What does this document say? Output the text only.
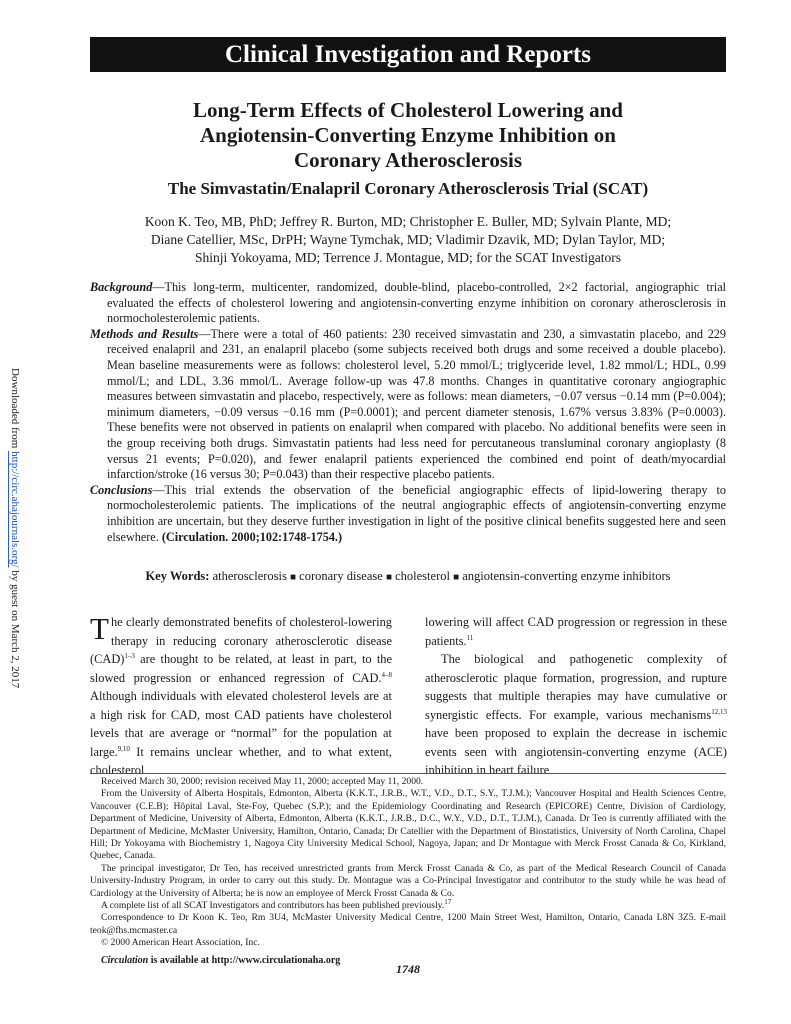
Clinical Investigation and Reports
Downloaded from http://circ.ahajournals.org/ by guest on March 2, 2017
Long-Term Effects of Cholesterol Lowering and
Angiotensin-Converting Enzyme Inhibition on
Coronary Atherosclerosis
The Simvastatin/Enalapril Coronary Atherosclerosis Trial (SCAT)
Koon K. Teo, MB, PhD; Jeffrey R. Burton, MD; Christopher E. Buller, MD; Sylvain Plante, MD;
Diane Catellier, MSc, DrPH; Wayne Tymchak, MD; Vladimir Dzavik, MD; Dylan Taylor, MD;
Shinji Yokoyama, MD; Terrence J. Montague, MD; for the SCAT Investigators

Background—This long-term, multicenter, randomized, double-blind, placebo-controlled, 2×2 factorial, angiographic trial evaluated the effects of cholesterol lowering and angiotensin-converting enzyme inhibition on coronary atherosclerosis in normocholesterolemic patients.

Methods and Results—There were a total of 460 patients: 230 received simvastatin and 230, a simvastatin placebo, and 229 received enalapril and 231, an enalapril placebo (some subjects received both drugs and some received a double placebo). Mean baseline measurements were as follows: cholesterol level, 5.20 mmol/L; triglyceride level, 1.82 mmol/L; HDL, 0.99 mmol/L; and LDL, 3.36 mmol/L. Average follow-up was 47.8 months. Changes in quantitative coronary angiographic measures between simvastatin and placebo, respectively, were as follows: mean diameters, −0.07 versus −0.14 mm (P=0.004); minimum diameters, −0.09 versus −0.16 mm (P=0.0001); and percent diameter stenosis, 1.67% versus 3.83% (P=0.0003). These benefits were not observed in patients on enalapril when compared with placebo. No additional benefits were seen in the group receiving both drugs. Simvastatin patients had less need for percutaneous transluminal coronary angioplasty (8 versus 21 events; P=0.020), and fewer enalapril patients experienced the combined end point of death/myocardial infarction/stroke (16 versus 30; P=0.043) than their respective placebo patients.

Conclusions—This trial extends the observation of the beneficial angiographic effects of lipid-lowering therapy to normocholesterolemic patients. The implications of the neutral angiographic effects of angiotensin-converting enzyme inhibition are uncertain, but they deserve further investigation in light of the positive clinical benefits suggested here and seen elsewhere. (Circulation. 2000;102:1748-1754.)

Key Words: atherosclerosis ■ coronary disease ■ cholesterol ■ angiotensin-converting enzyme inhibitors

The clearly demonstrated benefits of cholesterol-lowering therapy in reducing coronary atherosclerotic disease (CAD)$^{1-3}$ are thought to be related, at least in part, to the slowed progression or enhanced regression of CAD.$^{4-8}$ Although individuals with elevated cholesterol levels are at a high risk for CAD, most CAD patients have cholesterol levels that are average or “normal” for the population at large.$^{9,10}$ It remains unclear whether, and to what extent, cholesterol

lowering will affect CAD progression or regression in these patients.$^{11}$

The biological and pathogenetic complexity of atherosclerotic plaque formation, progression, and rupture suggests that multiple therapies may have cumulative or synergistic effects. For example, various mechanisms$^{12,13}$ have been proposed to explain the decrease in ischemic events seen with angiotensin-converting enzyme (ACE) inhibition in heart failure

Received March 30, 2000; revision received May 11, 2000; accepted May 11, 2000.

From the University of Alberta Hospitals, Edmonton, Alberta (K.K.T., J.R.B., W.T., V.D., D.T., S.Y., T.J.M.); Vancouver Hospital and Health Sciences Centre, Vancouver (C.E.B); Hôpital Laval, Ste-Foy, Quebec (S.P.); and the Epidemiology Coordinating and Research (EPICORE) Centre, Division of Cardiology, Department of Medicine, University of Alberta, Edmonton, Alberta (K.K.T., J.R.B., D.C., W.Y., V.D., D.T., T.J.M.), Canada. Dr Teo is currently affiliated with the Department of Medicine, McMaster University, Hamilton, Ontario, Canada; Dr Catellier with the Department of Biostatistics, University of North Carolina, Chapel Hill; Dr Yokoyama with Biochemistry 1, Nagoya City University Medical School, Nagoya, Japan; and Dr Montague with Merck Frosst Canada & Co, Kirkland, Quebec, Canada.

The principal investigator, Dr Teo, has received unrestricted grants from Merck Frosst Canada & Co, as part of the Medical Research Council of Canada University-Industry Program, in order to carry out this study. Dr. Montague was a Co-Principal Investigator and contributor to the study while he was head of Cardiology at the University of Alberta; he is now an employee of Merck Frosst Canada & Co.

A complete list of all SCAT Investigators and contributors has been published previously.$^{17}$

Correspondence to Dr Koon K. Teo, Rm 3U4, McMaster University Medical Centre, 1200 Main Street West, Hamilton, Ontario, Canada L8N 3Z5. E-mail teok@fhs.mcmaster.ca

© 2000 American Heart Association, Inc.

Circulation is available at http://www.circulationaha.org

1748
